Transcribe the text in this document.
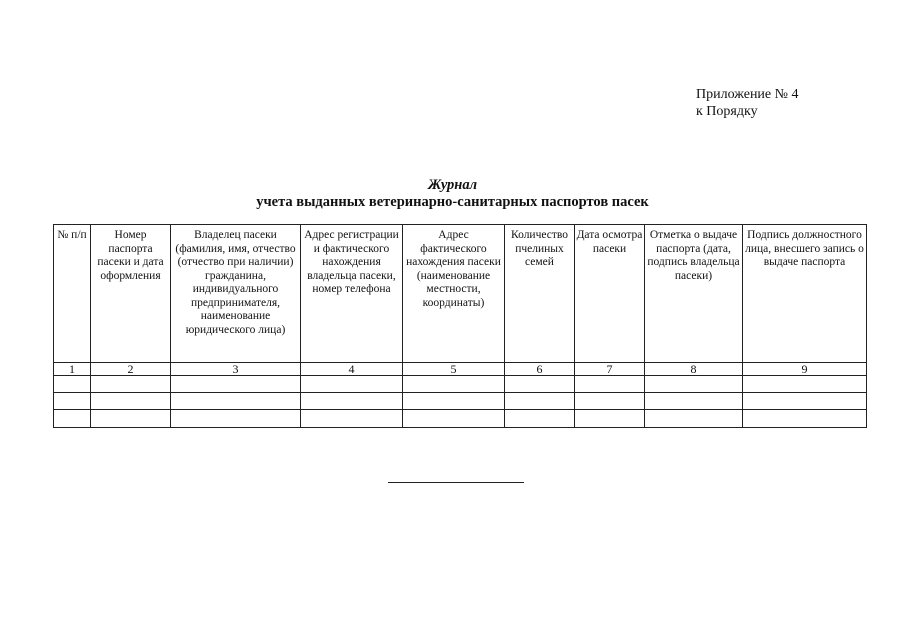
Приложение № 4
к Порядку
Журнал
учета выданных ветеринарно-санитарных паспортов пасек
№ п/п	Номер паспорта пасеки и дата оформления	Владелец пасеки (фамилия, имя, отчество (отчество при наличии) гражданина, индивидуального предпринимателя, наименование юридического лица)	Адрес регистрации и фактического нахождения владельца пасеки, номер телефона	Адрес фактического нахождения пасеки (наименование местности, координаты)	Количество пчелиных семей	Дата осмотра пасеки	Отметка о выдаче паспорта (дата, подпись владельца пасеки)	Подпись должностного лица, внесшего запись о выдаче паспорта
1	2	3	4	5	6	7	8	9
